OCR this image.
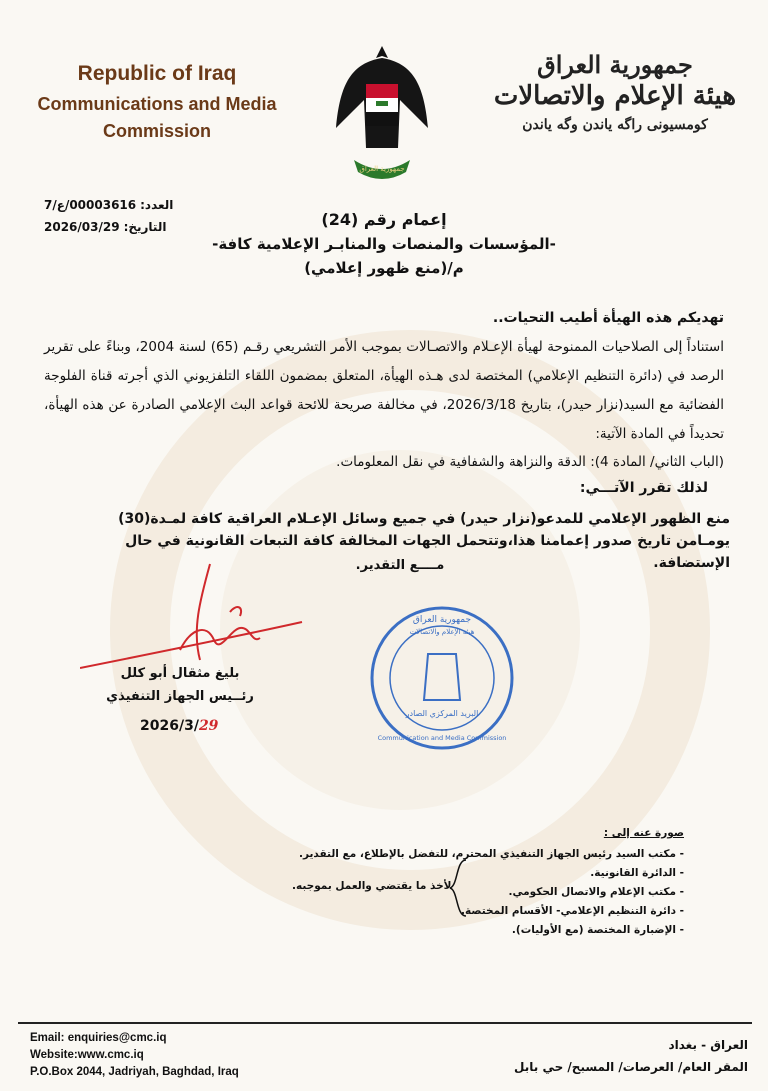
Republic of Iraq
Communications and Media
Commission
جمهورية العراق
جمهورية العراق
هيئة الإعلام والاتصالات
كومسيونى راگه ياندن وگه ياندن
العدد:
00003616/ع/7
التاريخ:
2026/03/29	إعمام رقم (24)
-المؤسسات والمنصات والمنابـر الإعلامية كافة-
م/(منع ظهور إعلامي)
تهديكم هذه الهيأة أطيب التحيات..
استناداً إلى الصلاحيات الممنوحة لهيأة الإعـلام والاتصـالات بموجب الأمر التشريعي رقـم (65) لسنة 2004، وبناءً على تقرير الرصد في (دائرة التنظيم الإعلامي) المختصة لدى هـذه الهيأة، المتعلق بمضمون اللقاء التلفزيوني الذي أجرته قناة الفلوجة الفضائية مع السيد(نزار حيدر)، بتاريخ 2026/3/18، في مخالفة صريحة للائحة قواعد البث الإعلامي الصادرة عن هذه الهيأة، تحديداً في المادة الآتية:
(الباب الثاني/ المادة 4): الدقة والنزاهة والشفافية في نقل المعلومات.
لذلك تقرر الآتـــي:
منع الظهور الإعلامي للمدعو(نزار حيدر) في جميع وسائل الإعـلام العراقية كافة لمـدة(30) يومـامن تاريخ صدور إعمامنا هذا،وتتحمل الجهات المخالفة كافة التبعات القانونية في حال الإستضافة.
مــــع التقدير.
بليغ مثقال أبو كلل
رئــيس الجهاز التنفيذي
2026/3/29
جمهورية العراق
هيئة الإعلام والاتصالات
البريد المركزي الصادر
Communication and Media Commission
صورة عنه إلى :
- مكتب السيد رئيس الجهاز التنفيذي المحترم، للتفضل بالإطلاع، مع التقدير.
- الدائرة القانونية.
- مكتب الإعلام والاتصال الحكومي.
- دائرة التنظيم الإعلامي- الأقسام المختصة.
- الإضبارة المختصة (مع الأوليات).
لأخذ ما يقتضي والعمل بموجبه.
Email: enquiries@cmc.iq
Website:www.cmc.iq
P.O.Box 2044, Jadriyah, Baghdad, Iraq
العراق - بغداد
المقر العام/ العرصات/ المسبح/ حي بابل
